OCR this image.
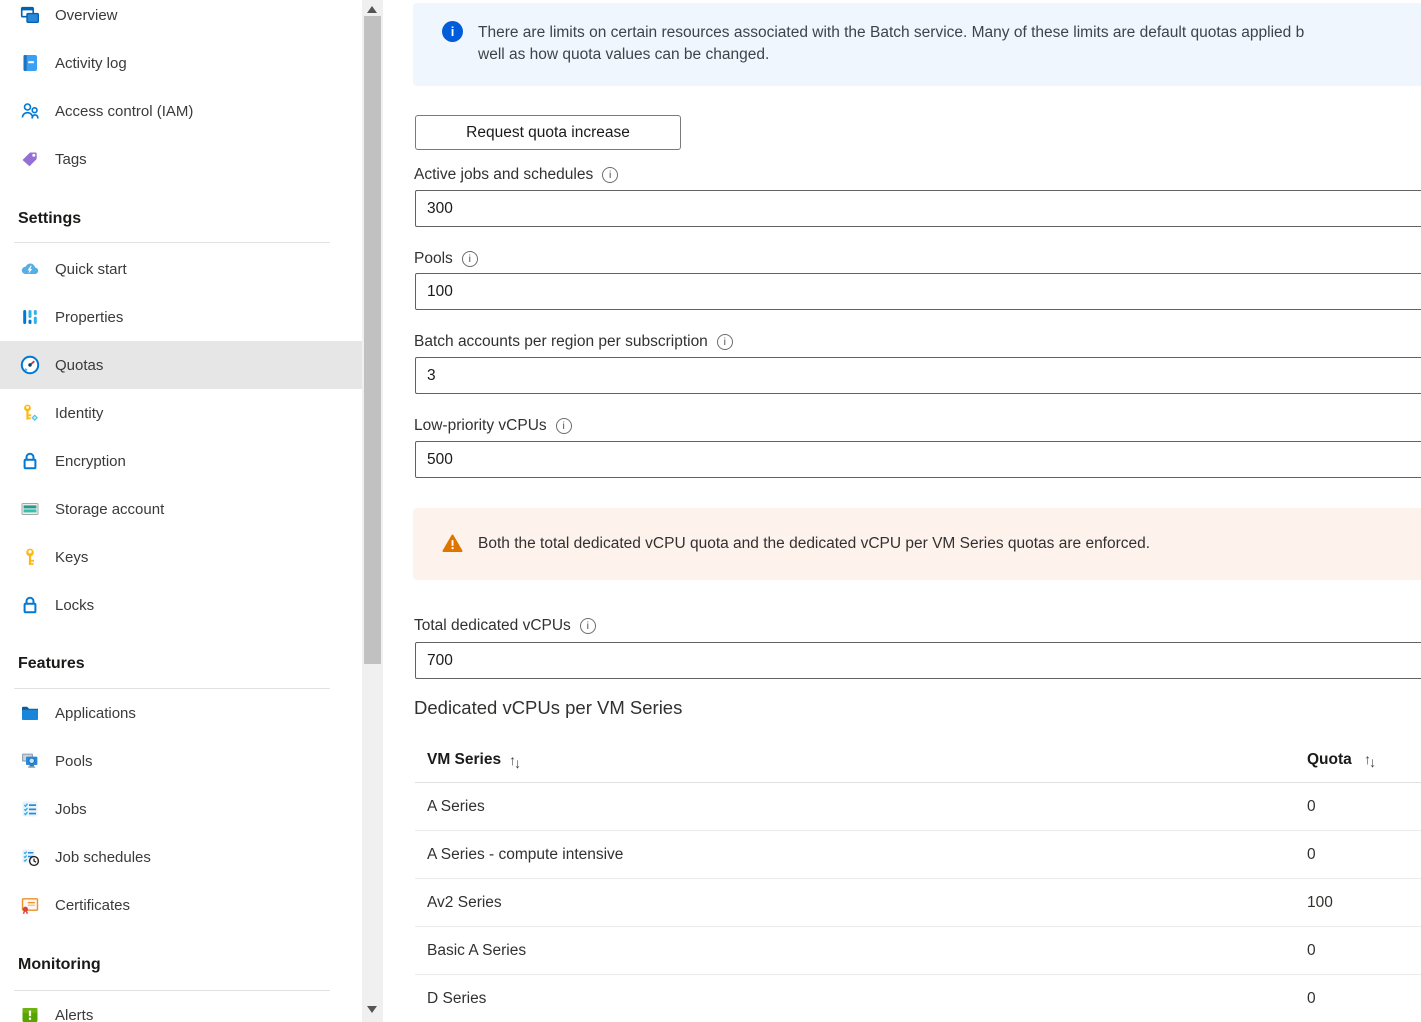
Overview
Activity log
Access control (IAM)
Tags
Settings
Quick start
Properties
Quotas
Identity
Encryption
Storage account
Keys
Locks
Features
Applications
Pools
Jobs
Job schedules
Certificates
Monitoring
Alerts
i
There are limits on certain resources associated with the Batch service. Many of these limits are default quotas applied b
well as how quota values can be changed.
Request quota increase
Active jobs and schedules
i
300
Pools
i
100
Batch accounts per region per subscription
i
3
Low-priority vCPUs
i
500
Both the total dedicated vCPU quota and the dedicated vCPU per VM Series quotas are enforced.
Total dedicated vCPUs
i
700
Dedicated vCPUs per VM Series
VM Series ↑↓	Quota ↑↓
A Series	0
A Series - compute intensive	0
Av2 Series	100
Basic A Series	0
D Series	0
